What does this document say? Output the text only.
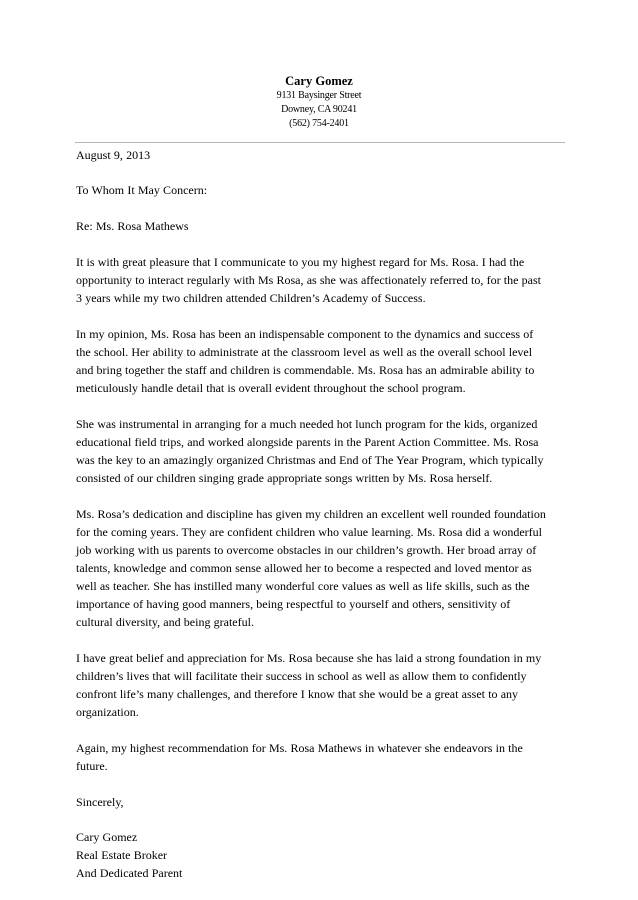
Cary Gomez
9131 Baysinger Street
Downey, CA 90241
(562) 754-2401

August 9, 2013

To Whom It May Concern:

Re: Ms. Rosa Mathews

It is with great pleasure that I communicate to you my highest regard for Ms. Rosa. I had the
opportunity to interact regularly with Ms Rosa, as she was affectionately referred to, for the past
3 years while my two children attended Children’s Academy of Success.

In my opinion, Ms. Rosa has been an indispensable component to the dynamics and success of
the school. Her ability to administrate at the classroom level as well as the overall school level
and bring together the staff and children is commendable. Ms. Rosa has an admirable ability to
meticulously handle detail that is overall evident throughout the school program.

She was instrumental in arranging for a much needed hot lunch program for the kids, organized
educational field trips, and worked alongside parents in the Parent Action Committee. Ms. Rosa
was the key to an amazingly organized Christmas and End of The Year Program, which typically
consisted of our children singing grade appropriate songs written by Ms. Rosa herself.

Ms. Rosa’s dedication and discipline has given my children an excellent well rounded foundation
for the coming years. They are confident children who value learning. Ms. Rosa did a wonderful
job working with us parents to overcome obstacles in our children’s growth. Her broad array of
talents, knowledge and common sense allowed her to become a respected and loved mentor as
well as teacher. She has instilled many wonderful core values as well as life skills, such as the
importance of having good manners, being respectful to yourself and others, sensitivity of
cultural diversity, and being grateful.

I have great belief and appreciation for Ms. Rosa because she has laid a strong foundation in my
children’s lives that will facilitate their success in school as well as allow them to confidently
confront life’s many challenges, and therefore I know that she would be a great asset to any
organization.

Again, my highest recommendation for Ms. Rosa Mathews in whatever she endeavors in the
future.

Sincerely,

Cary Gomez
Real Estate Broker
And Dedicated Parent
